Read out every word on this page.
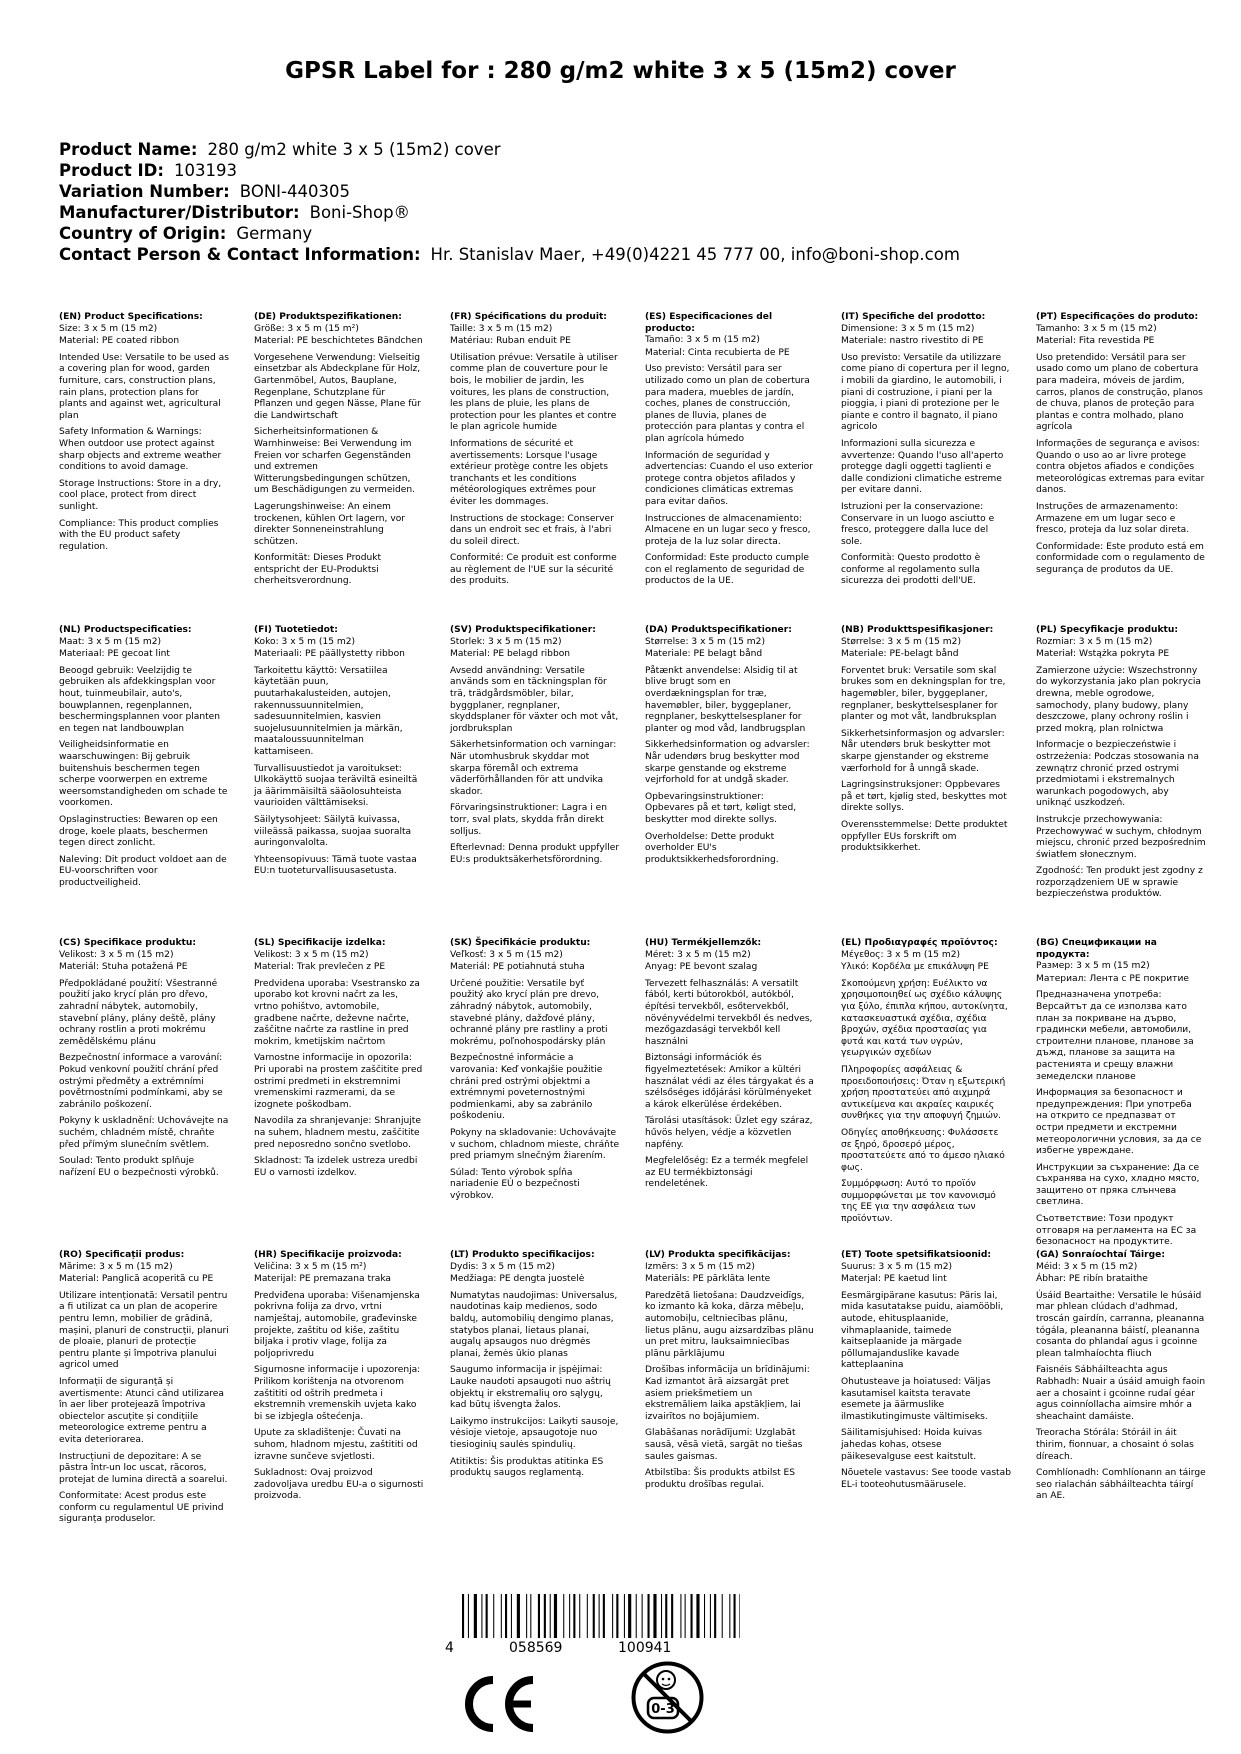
GPSR Label for : 280 g/m2 white 3 x 5 (15m2) cover
Product Name: 280 g/m2 white 3 x 5 (15m2) cover
Product ID: 103193
Variation Number: BONI-440305
Manufacturer/Distributor: Boni-Shop®
Country of Origin: Germany
Contact Person & Contact Information: Hr. Stanislav Maer, +49(0)4221 45 777 00, info@boni-shop.com

(EN) Product Specifications:

Size: 3 x 5 m (15 m2)

Material: PE coated ribbon

Intended Use: Versatile to be used as a covering plan for wood, garden furniture, cars, construction plans, rain plans, protection plans for plants and against wet, agricultural plan

Safety Information & Warnings: When outdoor use protect against sharp objects and extreme weather conditions to avoid damage.

Storage Instructions: Store in a dry, cool place, protect from direct sunlight.

Compliance: This product complies with the EU product safety regulation.

(DE) Produktspezifikationen:

Größe: 3 x 5 m (15 m²)

Material: PE beschichtetes Bändchen

Vorgesehene Verwendung: Vielseitig einsetzbar als Abdeckplane für Holz, Gartenmöbel, Autos, Bauplane, Regenplane, Schutzplane für Pflanzen und gegen Nässe, Plane für die Landwirtschaft

Sicherheitsinformationen & Warnhinweise: Bei Verwendung im Freien vor scharfen Gegenständen und extremen Witterungsbedingungen schützen, um Beschädigungen zu vermeiden.

Lagerungshinweise: An einem trockenen, kühlen Ort lagern, vor direkter Sonneneinstrahlung schützen.

Konformität: Dieses Produkt entspricht der EU-Produktsi cherheitsverordnung.

(FR) Spécifications du produit:

Taille: 3 x 5 m (15 m2)

Matériau: Ruban enduit PE

Utilisation prévue: Versatile à utiliser comme plan de couverture pour le bois, le mobilier de jardin, les voitures, les plans de construction, les plans de pluie, les plans de protection pour les plantes et contre le plan agricole humide

Informations de sécurité et avertissements: Lorsque l'usage extérieur protège contre les objets tranchants et les conditions météorologiques extrêmes pour éviter les dommages.

Instructions de stockage: Conserver dans un endroit sec et frais, à l'abri du soleil direct.

Conformité: Ce produit est conforme au règlement de l'UE sur la sécurité des produits.

(ES) Especificaciones del producto:

Tamaño: 3 x 5 m (15 m2)

Material: Cinta recubierta de PE

Uso previsto: Versátil para ser utilizado como un plan de cobertura para madera, muebles de jardín, coches, planes de construcción, planes de lluvia, planes de protección para plantas y contra el plan agrícola húmedo

Información de seguridad y advertencias: Cuando el uso exterior protege contra objetos afilados y condiciones climáticas extremas para evitar daños.

Instrucciones de almacenamiento: Almacene en un lugar seco y fresco, proteja de la luz solar directa.

Conformidad: Este producto cumple con el reglamento de seguridad de productos de la UE.

(IT) Specifiche del prodotto:

Dimensione: 3 x 5 m (15 m2)

Materiale: nastro rivestito di PE

Uso previsto: Versatile da utilizzare come piano di copertura per il legno, i mobili da giardino, le automobili, i piani di costruzione, i piani per la pioggia, i piani di protezione per le piante e contro il bagnato, il piano agricolo

Informazioni sulla sicurezza e avvertenze: Quando l'uso all'aperto protegge dagli oggetti taglienti e dalle condizioni climatiche estreme per evitare danni.

Istruzioni per la conservazione: Conservare in un luogo asciutto e fresco, proteggere dalla luce del sole.

Conformità: Questo prodotto è conforme al regolamento sulla sicurezza dei prodotti dell'UE.

(PT) Especificações do produto:

Tamanho: 3 x 5 m (15 m2)

Material: Fita revestida PE

Uso pretendido: Versátil para ser usado como um plano de cobertura para madeira, móveis de jardim, carros, planos de construção, planos de chuva, planos de proteção para plantas e contra molhado, plano agrícola

Informações de segurança e avisos: Quando o uso ao ar livre protege contra objetos afiados e condições meteorológicas extremas para evitar danos.

Instruções de armazenamento: Armazene em um lugar seco e fresco, proteja da luz solar direta.

Conformidade: Este produto está em conformidade com o regulamento de segurança de produtos da UE.

(NL) Productspecificaties:

Maat: 3 x 5 m (15 m2)

Materiaal: PE gecoat lint

Beoogd gebruik: Veelzijdig te gebruiken als afdekkingsplan voor hout, tuinmeubilair, auto's, bouwplannen, regenplannen, beschermingsplannen voor planten en tegen nat landbouwplan

Veiligheidsinformatie en waarschuwingen: Bij gebruik buitenshuis beschermen tegen scherpe voorwerpen en extreme weersomstandigheden om schade te voorkomen.

Opslaginstructies: Bewaren op een droge, koele plaats, beschermen tegen direct zonlicht.

Naleving: Dit product voldoet aan de EU-voorschriften voor productveiligheid.

(FI) Tuotetiedot:

Koko: 3 x 5 m (15 m2)

Materiaali: PE päällystetty ribbon

Tarkoitettu käyttö: Versatiilea käytetään puun, puutarhakalusteiden, autojen, rakennussuunnitelmien, sadesuunnitelmien, kasvien suojelusuunnitelmien ja märkän, maataloussuunnitelman kattamiseen.

Turvallisuustiedot ja varoitukset: Ulkokäyttö suojaa teräviltä esineiltä ja äärimmäisiltä sääolosuhteista vaurioiden välttämiseksi.

Säilytysohjeet: Säilytä kuivassa, viileässä paikassa, suojaa suoralta auringonvalolta.

Yhteensopivuus: Tämä tuote vastaa EU:n tuoteturvallisuusasetusta.

(SV) Produktspecifikationer:

Storlek: 3 x 5 m (15 m2)

Material: PE belagd ribbon

Avsedd användning: Versatile används som en täckningsplan för trä, trädgårdsmöbler, bilar, byggplaner, regnplaner, skyddsplaner för växter och mot våt, jordbruksplan

Säkerhetsinformation och varningar: När utomhusbruk skyddar mot skarpa föremål och extrema väderförhållanden för att undvika skador.

Förvaringsinstruktioner: Lagra i en torr, sval plats, skydda från direkt solljus.

Efterlevnad: Denna produkt uppfyller EU:s produktsäkerhetsförordning.

(DA) Produktspecifikationer:

Størrelse: 3 x 5 m (15 m2)

Materiale: PE belagt bånd

Påtænkt anvendelse: Alsidig til at blive brugt som en overdækningsplan for træ, havemøbler, biler, byggeplaner, regnplaner, beskyttelsesplaner for planter og mod våd, landbrugsplan

Sikkerhedsinformation og advarsler: Når udendørs brug beskytter mod skarpe genstande og ekstreme vejrforhold for at undgå skader.

Opbevaringsinstruktioner: Opbevares på et tørt, køligt sted, beskytter mod direkte sollys.

Overholdelse: Dette produkt overholder EU's produktsikkerhedsforordning.

(NB) Produkttspesifikasjoner:

Størrelse: 3 x 5 m (15 m2)

Materiale: PE-belagt bånd

Forventet bruk: Versatile som skal brukes som en dekningsplan for tre, hagemøbler, biler, byggeplaner, regnplaner, beskyttelsesplaner for planter og mot våt, landbruksplan

Sikkerhetsinformasjon og advarsler: Når utendørs bruk beskytter mot skarpe gjenstander og ekstreme værforhold for å unngå skade.

Lagringsinstruksjoner: Oppbevares på et tørt, kjølig sted, beskyttes mot direkte sollys.

Overensstemmelse: Dette produktet oppfyller EUs forskrift om produktsikkerhet.

(PL) Specyfikacje produktu:

Rozmiar: 3 x 5 m (15 m2)

Materiał: Wstążka pokryta PE

Zamierzone użycie: Wszechstronny do wykorzystania jako plan pokrycia drewna, meble ogrodowe, samochody, plany budowy, plany deszczowe, plany ochrony roślin i przed mokrą, plan rolnictwa

Informacje o bezpieczeństwie i ostrzeżenia: Podczas stosowania na zewnątrz chronić przed ostrymi przedmiotami i ekstremalnych warunkach pogodowych, aby uniknąć uszkodzeń.

Instrukcje przechowywania: Przechowywać w suchym, chłodnym miejscu, chronić przed bezpośrednim światłem słonecznym.

Zgodność: Ten produkt jest zgodny z rozporządzeniem UE w sprawie bezpieczeństwa produktów.

(CS) Specifikace produktu:

Velikost: 3 x 5 m (15 m2)

Materiál: Stuha potažená PE

Předpokládané použití: Všestranné použití jako krycí plán pro dřevo, zahradní nábytek, automobily, stavební plány, plány deště, plány ochrany rostlin a proti mokrému zemědělskému plánu

Bezpečnostní informace a varování: Pokud venkovní použití chrání před ostrými předměty a extrémními povětrnostními podmínkami, aby se zabránilo poškození.

Pokyny k uskladnění: Uchovávejte na suchém, chladném místě, chraňte před přímým slunečním světlem.

Soulad: Tento produkt splňuje nařízení EU o bezpečnosti výrobků.

(SL) Specifikacije izdelka:

Velikost: 3 x 5 m (15 m2)

Material: Trak prevlečen z PE

Predvidena uporaba: Vsestransko za uporabo kot krovni načrt za les, vrtno pohištvo, avtomobile, gradbene načrte, deževne načrte, zaščitne načrte za rastline in pred mokrim, kmetijskim načrtom

Varnostne informacije in opozorila: Pri uporabi na prostem zaščitite pred ostrimi predmeti in ekstremnimi vremenskimi razmerami, da se izognete poškodbam.

Navodila za shranjevanje: Shranjujte na suhem, hladnem mestu, zaščitite pred neposredno sončno svetlobo.

Skladnost: Ta izdelek ustreza uredbi EU o varnosti izdelkov.

(SK) Špecifikácie produktu:

Veľkosť: 3 x 5 m (15 m2)

Materiál: PE potiahnutá stuha

Určené použitie: Versatile byť použitý ako krycí plán pre drevo, záhradný nábytok, automobily, stavebné plány, dažďové plány, ochranné plány pre rastliny a proti mokrému, poľnohospodársky plán

Bezpečnostné informácie a varovania: Keď vonkajšie použitie chráni pred ostrými objektmi a extrémnymi poveternostnými podmienkami, aby sa zabránilo poškodeniu.

Pokyny na skladovanie: Uchovávajte v suchom, chladnom mieste, chráňte pred priamym slnečným žiarením.

Súlad: Tento výrobok spĺňa nariadenie EÚ o bezpečnosti výrobkov.

(HU) Termékjellemzők:

Méret: 3 x 5 m (15 m2)

Anyag: PE bevont szalag

Tervezett felhasználás: A versatilt fából, kerti bútorokból, autókból, építési tervekből, esőtervekből, növényvédelmi tervekből és nedves, mezőgazdasági tervekből kell használni

Biztonsági információk és figyelmeztetések: Amikor a kültéri használat védi az éles tárgyakat és a szélsőséges időjárási körülményeket a károk elkerülése érdekében.

Tárolási utasítások: Üzlet egy száraz, hűvös helyen, védje a közvetlen napfény.

Megfelelőség: Ez a termék megfelel az EU termékbiztonsági rendeletének.

(EL) Προδιαγραφές προϊόντος:

Μέγεθος: 3 x 5 m (15 m2)

Υλικό: Κορδέλα με επικάλυψη PE

Σκοπούμενη χρήση: Ευέλικτο να χρησιμοποιηθεί ως σχέδιο κάλυψης για ξύλο, έπιπλα κήπου, αυτοκίνητα, κατασκευαστικά σχέδια, σχέδια βροχών, σχέδια προστασίας για φυτά και κατά των υγρών, γεωργικών σχεδίων

Πληροφορίες ασφάλειας & προειδοποιήσεις: Όταν η εξωτερική χρήση προστατεύει από αιχμηρά αντικείμενα και ακραίες καιρικές συνθήκες για την αποφυγή ζημιών.

Οδηγίες αποθήκευσης: Φυλάσσετε σε ξηρό, δροσερό μέρος, προστατεύετε από το άμεσο ηλιακό φως.

Συμμόρφωση: Αυτό το προϊόν συμμορφώνεται με τον κανονισμό της ΕΕ για την ασφάλεια των προϊόντων.

(BG) Спецификации на продукта:

Размер: 3 x 5 m (15 m2)

Материал: Лента с PE покритие

Предназначена употреба: Версайтът да се използва като план за покриване на дърво, градински мебели, автомобили, строителни планове, планове за дъжд, планове за защита на растенията и срещу влажни земеделски планове

Информация за безопасност и предупреждения: При употреба на открито се предпазват от остри предмети и екстремни метеорологични условия, за да се избегне увреждане.

Инструкции за съхранение: Да се съхранява на сухо, хладно място, защитено от пряка слънчева светлина.

Съответствие: Този продукт отговаря на регламента на ЕС за безопасност на продуктите.

(RO) Specificații produs:

Mărime: 3 x 5 m (15 m2)

Material: Panglică acoperită cu PE

Utilizare intenționată: Versatil pentru a fi utilizat ca un plan de acoperire pentru lemn, mobilier de grădină, mașini, planuri de construcții, planuri de ploaie, planuri de protecție pentru plante și împotriva planului agricol umed

Informații de siguranță și avertismente: Atunci când utilizarea în aer liber protejează împotriva obiectelor ascuțite și condițiile meteorologice extreme pentru a evita deteriorarea.

Instrucțiuni de depozitare: A se păstra într-un loc uscat, răcoros, protejat de lumina directă a soarelui.

Conformitate: Acest produs este conform cu regulamentul UE privind siguranța produselor.

(HR) Specifikacije proizvoda:

Veličina: 3 x 5 m (15 m²)

Materijal: PE premazana traka

Predviđena uporaba: Višenamjenska pokrivna folija za drvo, vrtni namještaj, automobile, građevinske projekte, zaštitu od kiše, zaštitu biljaka i protiv vlage, folija za poljoprivredu

Sigurnosne informacije i upozorenja: Prilikom korištenja na otvorenom zaštititi od oštrih predmeta i ekstremnih vremenskih uvjeta kako bi se izbjegla oštećenja.

Upute za skladištenje: Čuvati na suhom, hladnom mjestu, zaštititi od izravne sunčeve svjetlosti.

Sukladnost: Ovaj proizvod zadovoljava uredbu EU-a o sigurnosti proizvoda.

(LT) Produkto specifikacijos:

Dydis: 3 x 5 m (15 m2)

Medžiaga: PE dengta juostelė

Numatytas naudojimas: Universalus, naudotinas kaip medienos, sodo baldų, automobilių dengimo planas, statybos planai, lietaus planai, augalų apsaugos nuo drėgmės planai, žemės ūkio planas

Saugumo informacija ir įspėjimai: Lauke naudoti apsaugoti nuo aštrių objektų ir ekstremalių oro sąlygų, kad būtų išvengta žalos.

Laikymo instrukcijos: Laikyti sausoje, vėsioje vietoje, apsaugotoje nuo tiesioginių saulės spindulių.

Atitiktis: Šis produktas atitinka ES produktų saugos reglamentą.

(LV) Produkta specifikācijas:

Izmērs: 3 x 5 m (15 m2)

Materiāls: PE pārklāta lente

Paredzētā lietošana: Daudzveidīgs, ko izmanto kā koka, dārza mēbeļu, automobiļu, celtniecības plānu, lietus plānu, augu aizsardzības plānu un pret mitru, lauksaimniecības plānu pārklājumu

Drošības informācija un brīdinājumi: Kad izmantot ārā aizsargāt pret asiem priekšmetiem un ekstremāliem laika apstākļiem, lai izvairītos no bojājumiem.

Glabāšanas norādījumi: Uzglabāt sausā, vēsā vietā, sargāt no tiešas saules gaismas.

Atbilstība: Šis produkts atbilst ES produktu drošības regulai.

(ET) Toote spetsifikatsioonid:

Suurus: 3 x 5 m (15 m2)

Materjal: PE kaetud lint

Eesmärgipärane kasutus: Päris lai, mida kasutatakse puidu, aiamööbli, autode, ehitusplaanide, vihmaplaanide, taimede kaitseplaanide ja märgade põllumajanduslike kavade katteplaanina

Ohutusteave ja hoiatused: Väljas kasutamisel kaitsta teravate esemete ja äärmuslike ilmastikutingimuste vältimiseks.

Säilitamisjuhised: Hoida kuivas jahedas kohas, otsese päikesevalguse eest kaitstult.

Nõuetele vastavus: See toode vastab EL-i tooteohutusmäärusele.

(GA) Sonraíochtaí Táirge:

Méid: 3 x 5 m (15 m2)

Ábhar: PE ribín brataithe

Úsáid Beartaithe: Versatile le húsáid mar phlean clúdach d'adhmad, troscán gairdín, carranna, pleananna tógála, pleananna báistí, pleananna cosanta do phlandaí agus i gcoinne plean talmhaíochta fliuch

Faisnéis Sábháilteachta agus Rabhadh: Nuair a úsáid amuigh faoin aer a chosaint i gcoinne rudaí géar agus coinníollacha aimsire mhór a sheachaint damáiste.

Treoracha Stórála: Stóráil in áit thirim, fionnuar, a chosaint ó solas díreach.

Comhlíonadh: Comhlíonann an táirge seo rialachán sábháilteachta táirgí an AE.

4	058569	100941
0-3
